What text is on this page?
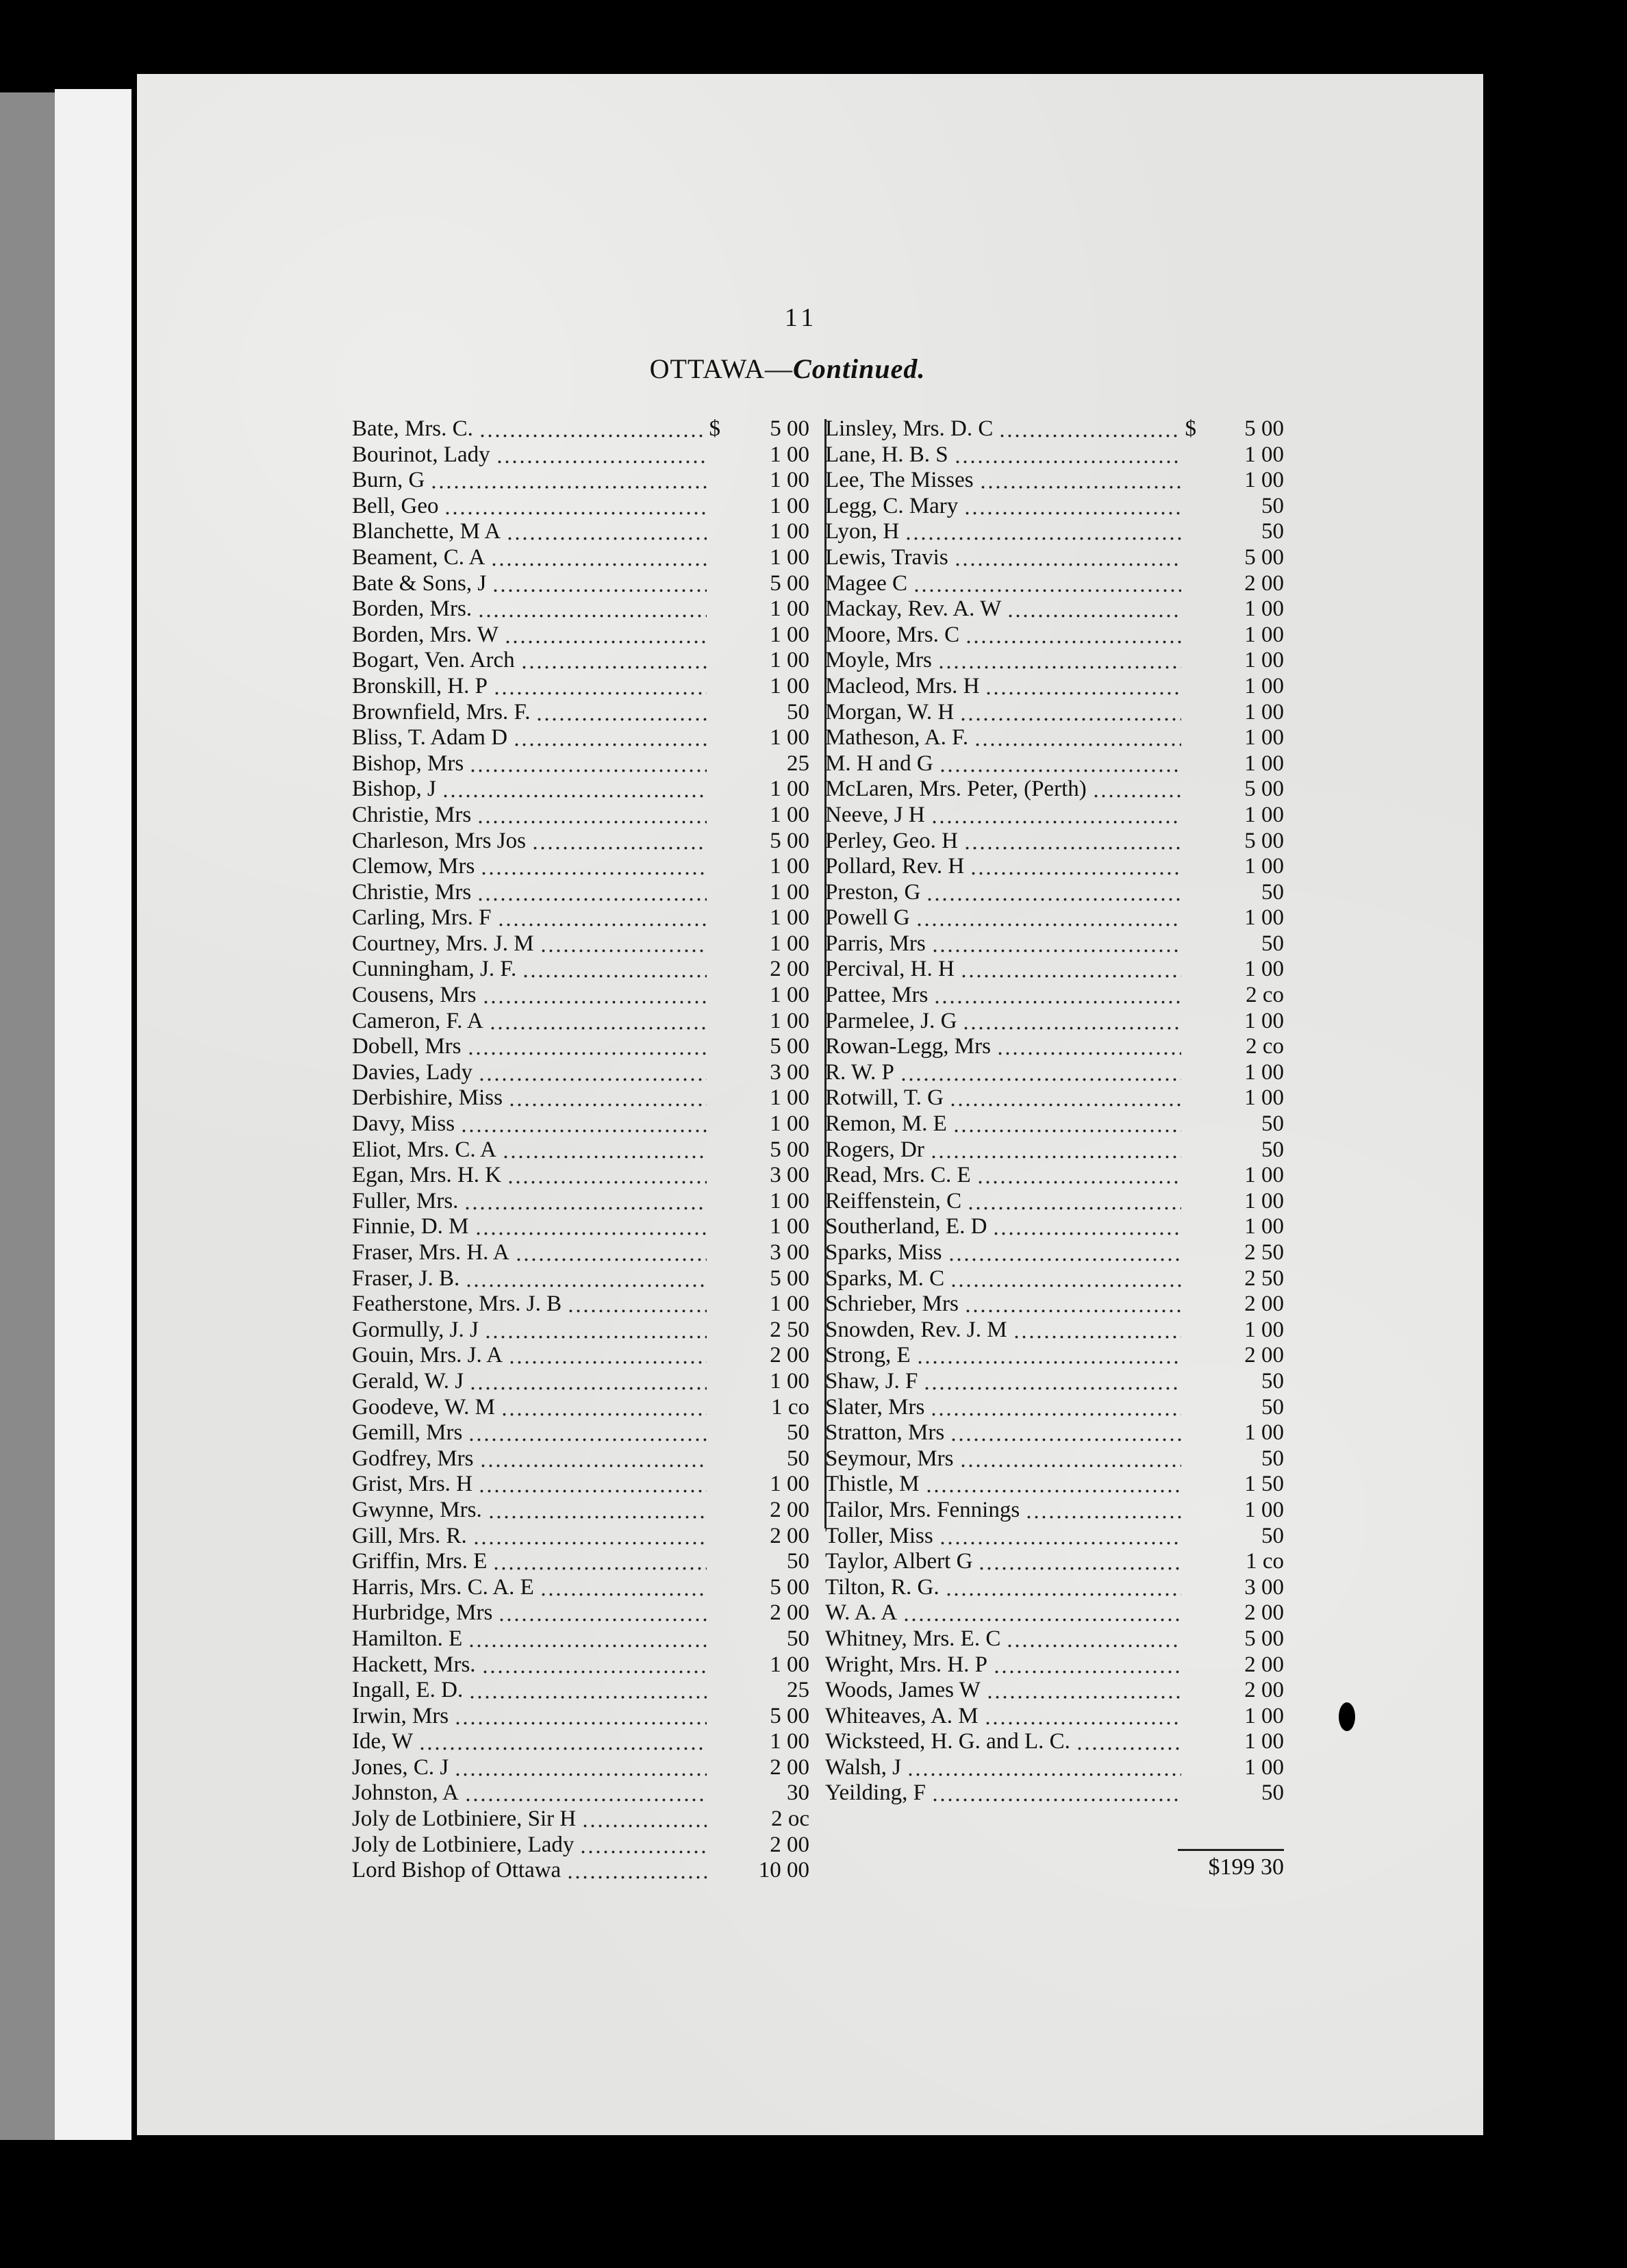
11
OTTAWA—Continued.
Bate, Mrs. C.	$	5 00
Bourinot, Lady	1 00
Burn, G	1 00
Bell, Geo	1 00
Blanchette, M A	1 00
Beament, C. A	1 00
Bate & Sons, J	5 00
Borden, Mrs.	1 00
Borden, Mrs. W	1 00
Bogart, Ven. Arch	1 00
Bronskill, H. P	1 00
Brownfield, Mrs. F.	50
Bliss, T. Adam D	1 00
Bishop, Mrs	25
Bishop, J	1 00
Christie, Mrs	1 00
Charleson, Mrs Jos	5 00
Clemow, Mrs	1 00
Christie, Mrs	1 00
Carling, Mrs. F	1 00
Courtney, Mrs. J. M	1 00
Cunningham, J. F.	2 00
Cousens, Mrs	1 00
Cameron, F. A	1 00
Dobell, Mrs	5 00
Davies, Lady	3 00
Derbishire, Miss	1 00
Davy, Miss	1 00
Eliot, Mrs. C. A	5 00
Egan, Mrs. H. K	3 00
Fuller, Mrs.	1 00
Finnie, D. M	1 00
Fraser, Mrs. H. A	3 00
Fraser, J. B.	5 00
Featherstone, Mrs. J. B	1 00
Gormully, J. J	2 50
Gouin, Mrs. J. A	2 00
Gerald, W. J	1 00
Goodeve, W. M	1 co
Gemill, Mrs	50
Godfrey, Mrs	50
Grist, Mrs. H	1 00
Gwynne, Mrs.	2 00
Gill, Mrs. R.	2 00
Griffin, Mrs. E	50
Harris, Mrs. C. A. E	5 00
Hurbridge, Mrs	2 00
Hamilton. E	50
Hackett, Mrs.	1 00
Ingall, E. D.	25
Irwin, Mrs	5 00
Ide, W	1 00
Jones, C. J	2 00
Johnston, A	30
Joly de Lotbiniere, Sir H	2 oc
Joly de Lotbiniere, Lady	2 00
Lord Bishop of Ottawa	10 00
Linsley, Mrs. D. C	$	5 00
Lane, H. B. S	1 00
Lee, The Misses	1 00
Legg, C. Mary	50
Lyon, H	50
Lewis, Travis	5 00
Magee C	2 00
Mackay, Rev. A. W	1 00
Moore, Mrs. C	1 00
Moyle, Mrs	1 00
Macleod, Mrs. H	1 00
Morgan, W. H	1 00
Matheson, A. F.	1 00
M. H and G	1 00
McLaren, Mrs. Peter, (Perth)	5 00
Neeve, J H	1 00
Perley, Geo. H	5 00
Pollard, Rev. H	1 00
Preston, G	50
Powell G	1 00
Parris, Mrs	50
Percival, H. H	1 00
Pattee, Mrs	2 co
Parmelee, J. G	1 00
Rowan-Legg, Mrs	2 co
R. W. P	1 00
Rotwill, T. G	1 00
Remon, M. E	50
Rogers, Dr	50
Read, Mrs. C. E	1 00
Reiffenstein, C	1 00
Southerland, E. D	1 00
Sparks, Miss	2 50
Sparks, M. C	2 50
Schrieber, Mrs	2 00
Snowden, Rev. J. M	1 00
Strong, E	2 00
Shaw, J. F	50
Slater, Mrs	50
Stratton, Mrs	1 00
Seymour, Mrs	50
Thistle, M	1 50
Tailor, Mrs. Fennings	1 00
Toller, Miss	50
Taylor, Albert G	1 co
Tilton, R. G.	3 00
W. A. A	2 00
Whitney, Mrs. E. C	5 00
Wright, Mrs. H. P	2 00
Woods, James W	2 00
Whiteaves, A. M	1 00
Wicksteed, H. G. and L. C.	1 00
Walsh, J	1 00
Yeilding, F	50
$199 30
